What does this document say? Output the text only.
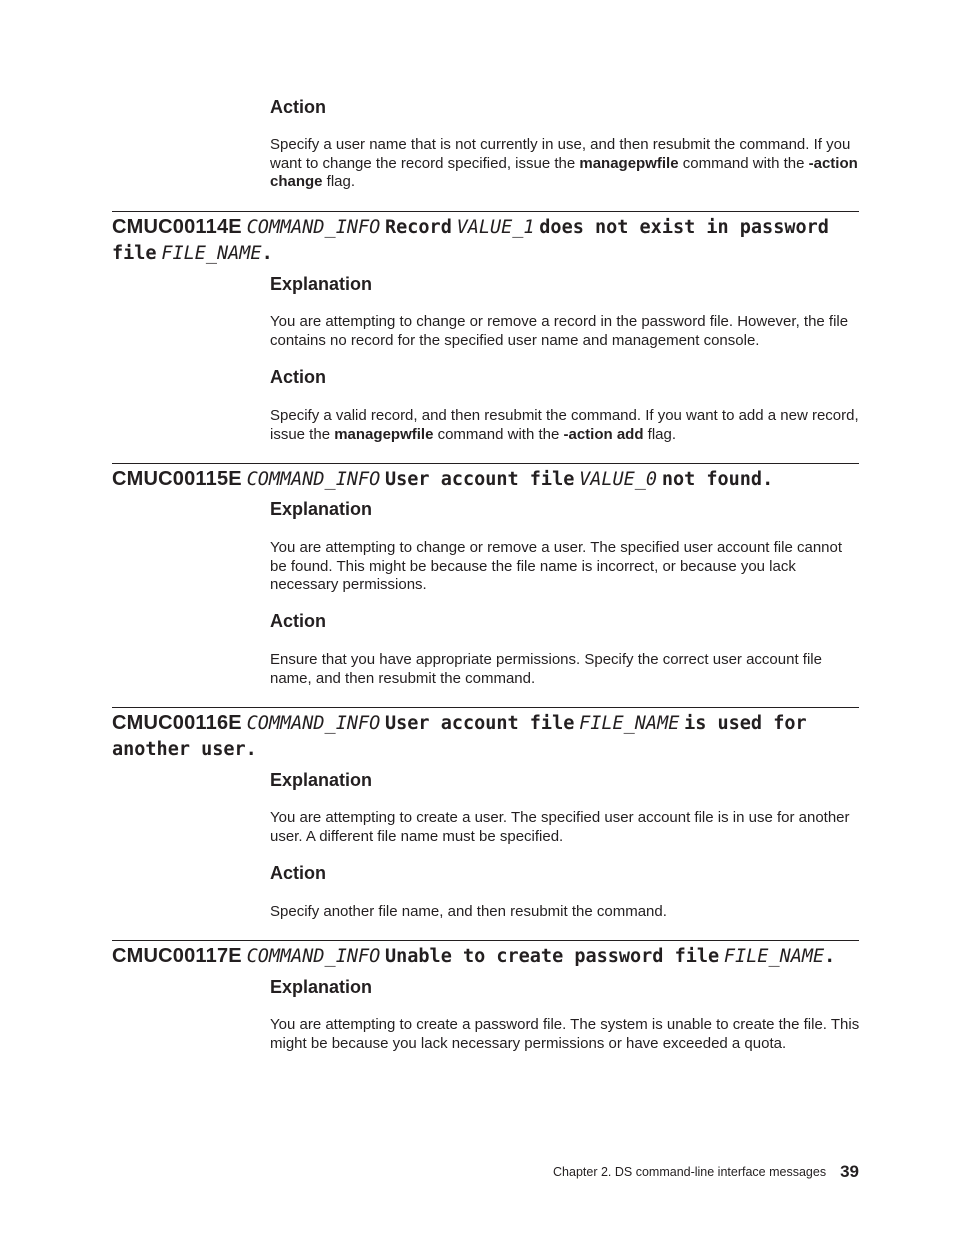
Action

Specify a user name that is not currently in use, and then resubmit the command. If you want to change the record specified, issue the managepwfile command with the -action change flag.

CMUC00114E COMMAND_INFO Record VALUE_1 does not exist in password file FILE_NAME.
Explanation

You are attempting to change or remove a record in the password file. However, the file contains no record for the specified user name and management console.

Action

Specify a valid record, and then resubmit the command. If you want to add a new record, issue the managepwfile command with the -action add flag.

CMUC00115E COMMAND_INFO User account file VALUE_0 not found.
Explanation

You are attempting to change or remove a user. The specified user account file cannot be found. This might be because the file name is incorrect, or because you lack necessary permissions.

Action

Ensure that you have appropriate permissions. Specify the correct user account file name, and then resubmit the command.

CMUC00116E COMMAND_INFO User account file FILE_NAME is used for another user.
Explanation

You are attempting to create a user. The specified user account file is in use for another user. A different file name must be specified.

Action

Specify another file name, and then resubmit the command.

CMUC00117E COMMAND_INFO Unable to create password file FILE_NAME.
Explanation

You are attempting to create a password file. The system is unable to create the file. This might be because you lack necessary permissions or have exceeded a quota.

Chapter 2. DS command-line interface messages 39
